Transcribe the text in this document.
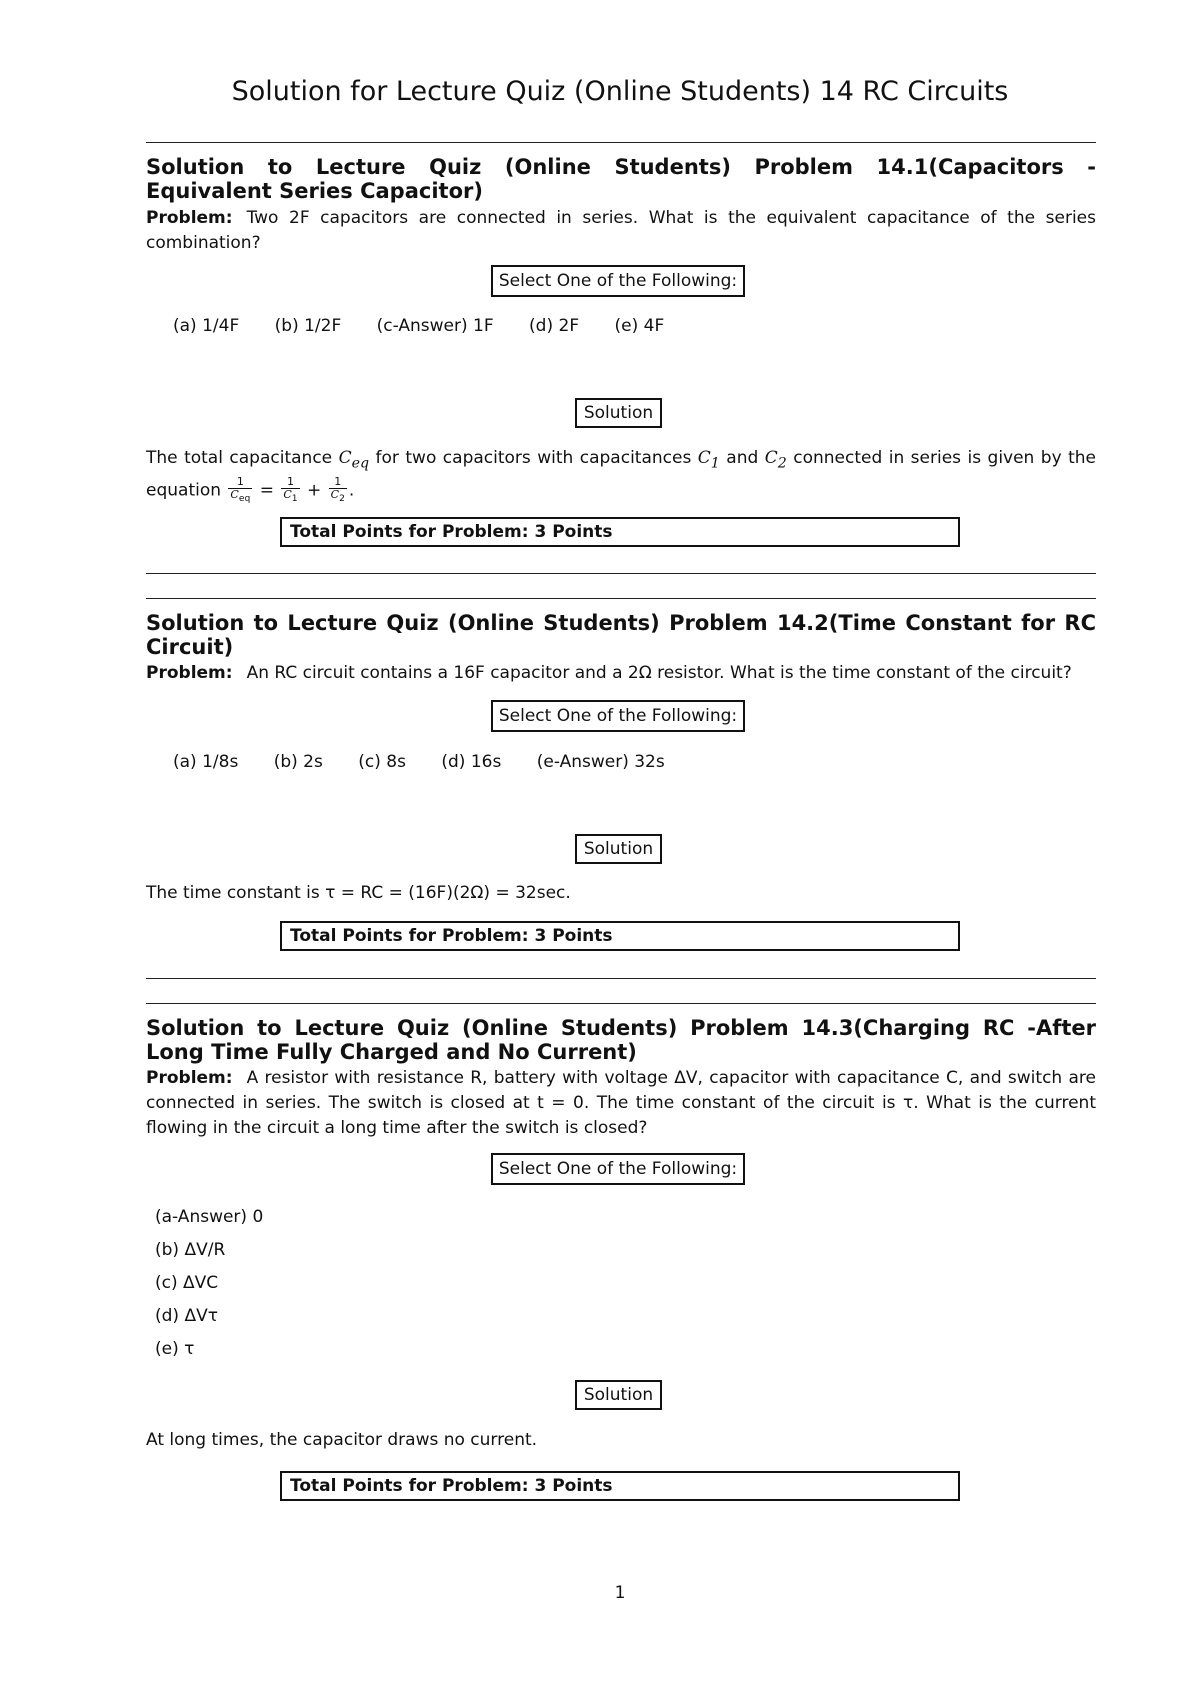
Solution for Lecture Quiz (Online Students) 14 RC Circuits
Solution to Lecture Quiz (Online Students) Problem 14.1(Capacitors - Equivalent Series Capacitor)
Problem: Two 2F capacitors are connected in series. What is the equivalent capacitance of the series combination?
Select One of the Following:
(a) 1/4F (b) 1/2F (c-Answer) 1F (d) 2F (e) 4F
Solution
The total capacitance $C_{eq}$ for two capacitors with capacitances $C_1$ and $C_2$ connected in series is given by the equation $\frac{1}{C_{eq}} = \frac{1}{C_1} + \frac{1}{C_2}$ .
Total Points for Problem: 3 Points
Solution to Lecture Quiz (Online Students) Problem 14.2(Time Constant for RC Circuit)
Problem: An RC circuit contains a 16F capacitor and a 2Ω resistor. What is the time constant of the circuit?
Select One of the Following:
(a) 1/8s (b) 2s (c) 8s (d) 16s (e-Answer) 32s
Solution
The time constant is τ = RC = (16F)(2Ω) = 32sec.
Total Points for Problem: 3 Points
Solution to Lecture Quiz (Online Students) Problem 14.3(Charging RC -After Long Time Fully Charged and No Current)
Problem: A resistor with resistance R, battery with voltage ΔV, capacitor with capacitance C, and switch are connected in series. The switch is closed at t = 0. The time constant of the circuit is τ. What is the current flowing in the circuit a long time after the switch is closed?
Select One of the Following:
(a-Answer) 0
(b) ΔV/R
(c) ΔVC
(d) ΔVτ
(e) τ
Solution
At long times, the capacitor draws no current.
Total Points for Problem: 3 Points
1
